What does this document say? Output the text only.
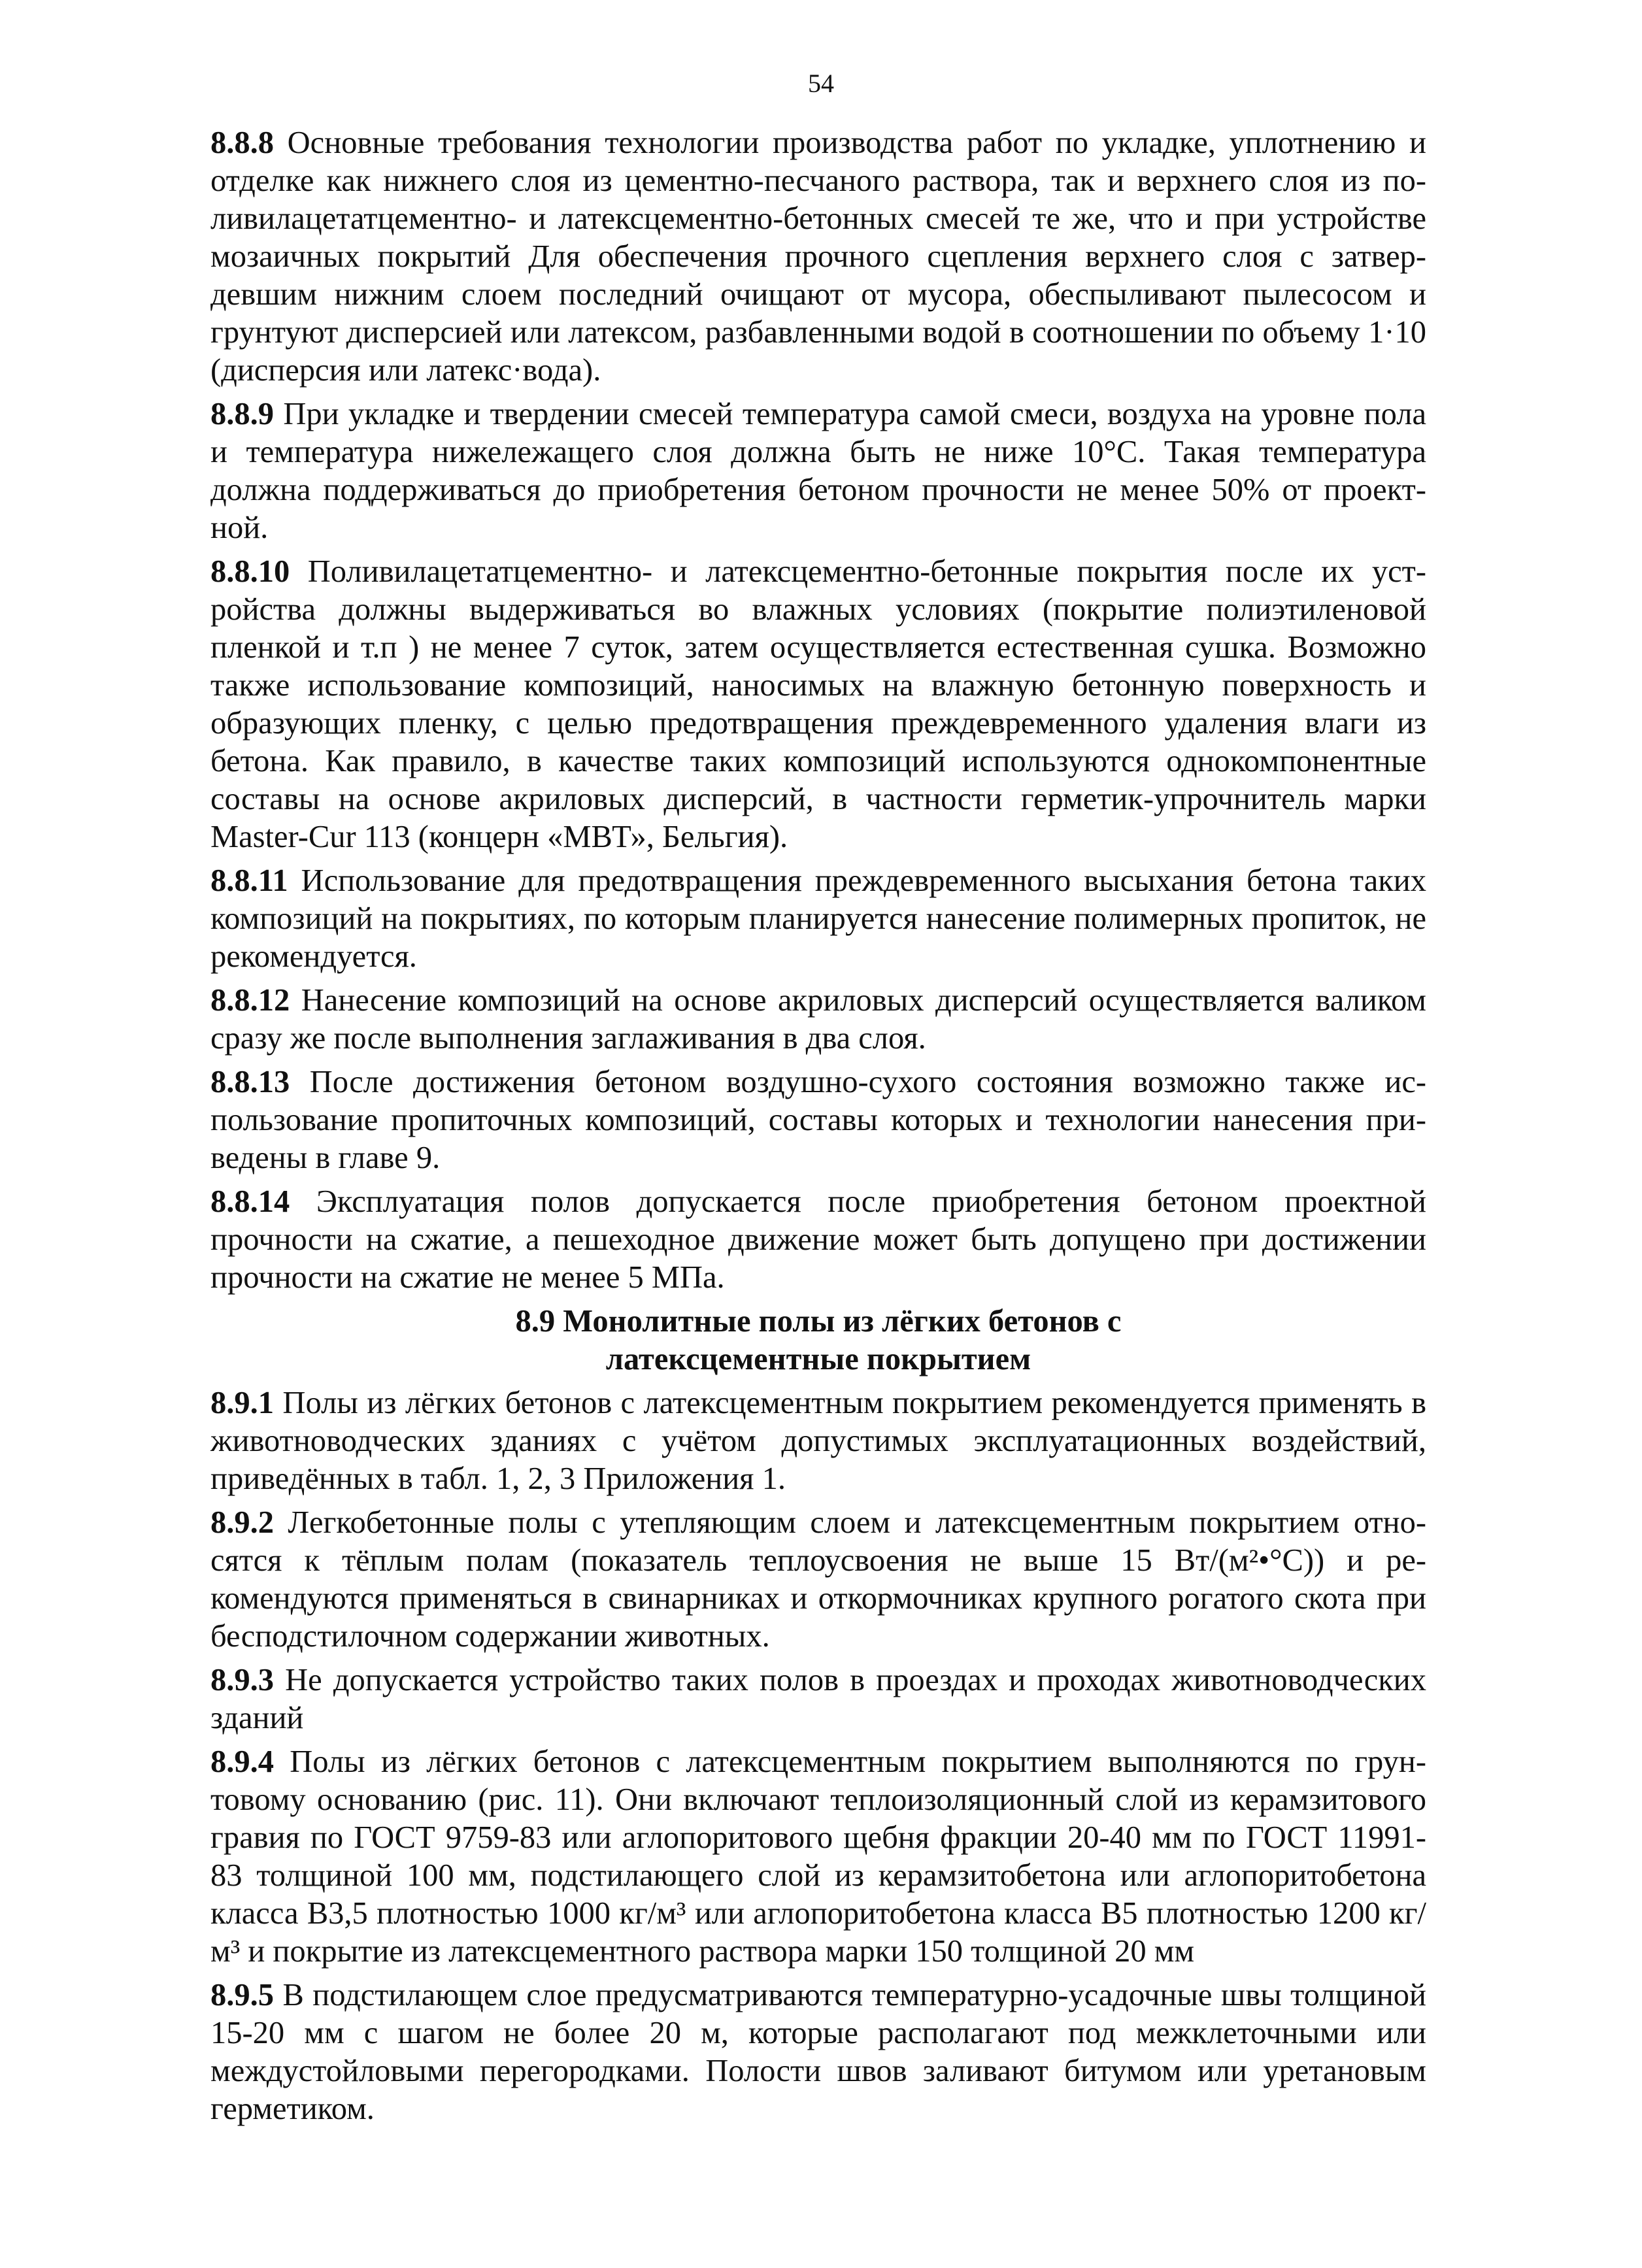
54

8.8.8 Основные требования технологии производства работ по укладке, уплотнению и отделке как нижнего слоя из цементно-песчаного раствора, так и верхнего слоя из поливилацетатцементно- и латексцементно-бетонных смесей те же, что и при устройстве мозаичных покрытий Для обеспечения прочного сцепления верхнего слоя с затвердевшим нижним слоем последний очищают от мусора, обеспыливают пылесосом и грунтуют дисперсией или латексом, разбавленными водой в соотношении по объему 1·10 (дисперсия или латекс·вода).

8.8.9 При укладке и твердении смесей температура самой смеси, воздуха на уровне пола и температура нижележащего слоя должна быть не ниже 10°С. Такая температура должна поддерживаться до приобретения бетоном прочности не менее 50% от проектной.

8.8.10 Поливилацетатцементно- и латексцементно-бетонные покрытия после их устройства должны выдерживаться во влажных условиях (покрытие полиэтиленовой пленкой и т.п ) не менее 7 суток, затем осуществляется естественная сушка. Возможно также использование композиций, наносимых на влажную бетонную поверхность и образующих пленку, с целью предотвращения преждевременного удаления влаги из бетона. Как правило, в качестве таких композиций используются однокомпонентные составы на основе акриловых дисперсий, в частности герметик-упрочнитель марки Master-Cur 113 (концерн «МВТ», Бельгия).

8.8.11 Использование для предотвращения преждевременного высыхания бетона таких композиций на покрытиях, по которым планируется нанесение полимерных пропиток, не рекомендуется.

8.8.12 Нанесение композиций на основе акриловых дисперсий осуществляется валиком сразу же после выполнения заглаживания в два слоя.

8.8.13 После достижения бетоном воздушно-сухого состояния возможно также использование пропиточных композиций, составы которых и технологии нанесения приведены в главе 9.

8.8.14 Эксплуатация полов допускается после приобретения бетоном проектной прочности на сжатие, а пешеходное движение может быть допущено при достижении прочности на сжатие не менее 5 МПа.

8.9 Монолитные полы из лёгких бетонов с
латексцементные покрытием

8.9.1 Полы из лёгких бетонов с латексцементным покрытием рекомендуется применять в животноводческих зданиях с учётом допустимых эксплуатационных воздействий, приведённых в табл. 1, 2, 3 Приложения 1.

8.9.2 Легкобетонные полы с утепляющим слоем и латексцементным покрытием относятся к тёплым полам (показатель теплоусвоения не выше 15 Вт/(м²•°С)) и рекомендуются применяться в свинарниках и откормочниках крупного рогатого скота при бесподстилочном содержании животных.

8.9.3 Не допускается устройство таких полов в проездах и проходах животноводческих зданий

8.9.4 Полы из лёгких бетонов с латексцементным покрытием выполняются по грунтовому основанию (рис. 11). Они включают теплоизоляционный слой из керамзитового гравия по ГОСТ 9759-83 или аглопоритового щебня фракции 20-40 мм по ГОСТ 11991-83 толщиной 100 мм, подстилающего слой из керамзитобетона или аглопоритобетона класса В3,5 плотностью 1000 кг/м³ или аглопоритобетона класса В5 плотностью 1200 кг/м³ и покрытие из латексцементного раствора марки 150 толщиной 20 мм

8.9.5 В подстилающем слое предусматриваются температурно-усадочные швы толщиной 15-20 мм с шагом не более 20 м, которые располагают под межклеточными или междустойловыми перегородками. Полости швов заливают битумом или уретановым герметиком.
